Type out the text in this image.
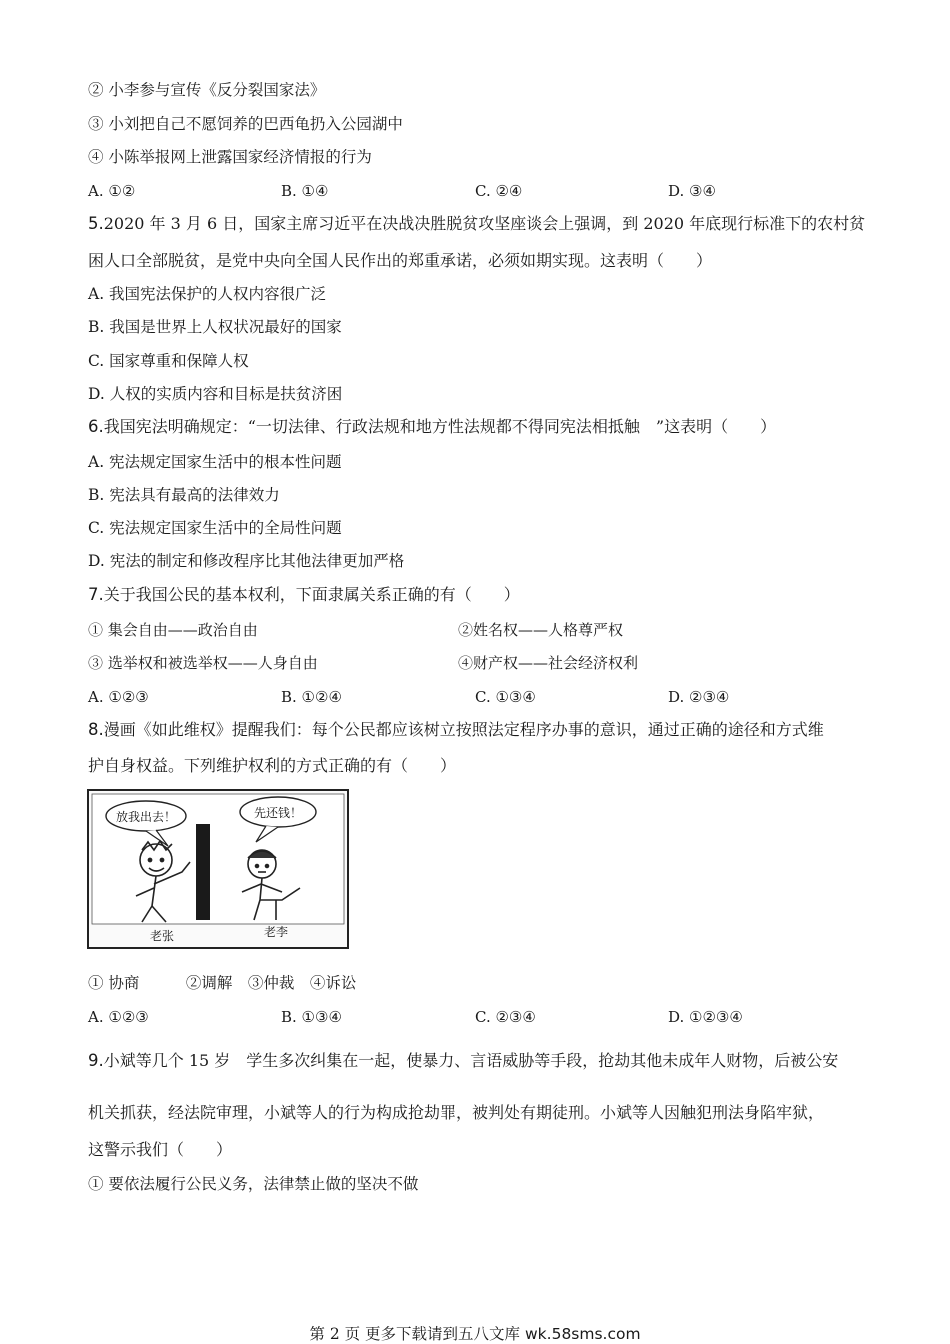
② 小李参与宣传《反分裂国家法》
③ 小刘把自己不愿饲养的巴西龟扔入公园湖中
④ 小陈举报网上泄露国家经济情报的行为
A. ①②	B. ①④	C. ②④	D. ③④
5.2020 年 3 月 6 日，国家主席习近平在决战决胜脱贫攻坚座谈会上强调，到 2020 年底现行标准下的农村贫
困人口全部脱贫，是党中央向全国人民作出的郑重承诺，必须如期实现。这表明（　　）
A. 我国宪法保护的人权内容很广泛
B. 我国是世界上人权状况最好的国家
C. 国家尊重和保障人权
D. 人权的实质内容和目标是扶贫济困
6.我国宪法明确规定：“一切法律、行政法规和地方性法规都不得同宪法相抵触　”这表明（　　）
A. 宪法规定国家生活中的根本性问题
B. 宪法具有最高的法律效力
C. 宪法规定国家生活中的全局性问题
D. 宪法的制定和修改程序比其他法律更加严格
7.关于我国公民的基本权利，下面隶属关系正确的有（　　）
① 集会自由——政治自由	②姓名权——人格尊严权
③ 选举权和被选举权——人身自由	④财产权——社会经济权利
A. ①②③	B. ①②④	C. ①③④	D. ②③④
8.漫画《如此维权》提醒我们：每个公民都应该树立按照法定程序办事的意识，通过正确的途径和方式维
护自身权益。下列维护权利的方式正确的有（　　）
放我出去！	先还钱！
老张	老李
① 协商　　　②调解　③仲裁　④诉讼
A. ①②③	B. ①③④	C. ②③④	D. ①②③④
9.小斌等几个 15 岁　学生多次纠集在一起，使暴力、言语威胁等手段，抢劫其他未成年人财物，后被公安
机关抓获，经法院审理，小斌等人的行为构成抢劫罪，被判处有期徒刑。小斌等人因触犯刑法身陷牢狱，
这警示我们（　　）
① 要依法履行公民义务，法律禁止做的坚决不做
第 2 页 更多下载请到五八文库 wk.58sms.com
